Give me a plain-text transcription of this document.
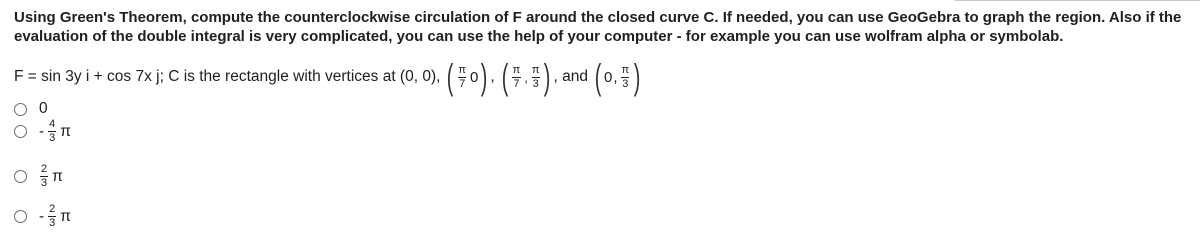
Using Green's Theorem, compute the counterclockwise circulation of F around the closed curve C. If needed, you can use GeoGebra to graph the region. Also if the evaluation of the double integral is very complicated, you can use the help of your computer - for example you can use wolfram alpha or symbolab.
F = sin 3y i + cos 7x j; C is the rectangle with vertices at (0, 0), ( $\frac{\pi}{7} 0$ ) , ( $\frac{\pi}{7}$ , $\frac{\pi}{3}$ ) , and ( 0 , $\frac{\pi}{3}$ )
0
- $\frac{4}{3}$ π
$\frac{2}{3}$ π
- $\frac{2}{3}$ π
